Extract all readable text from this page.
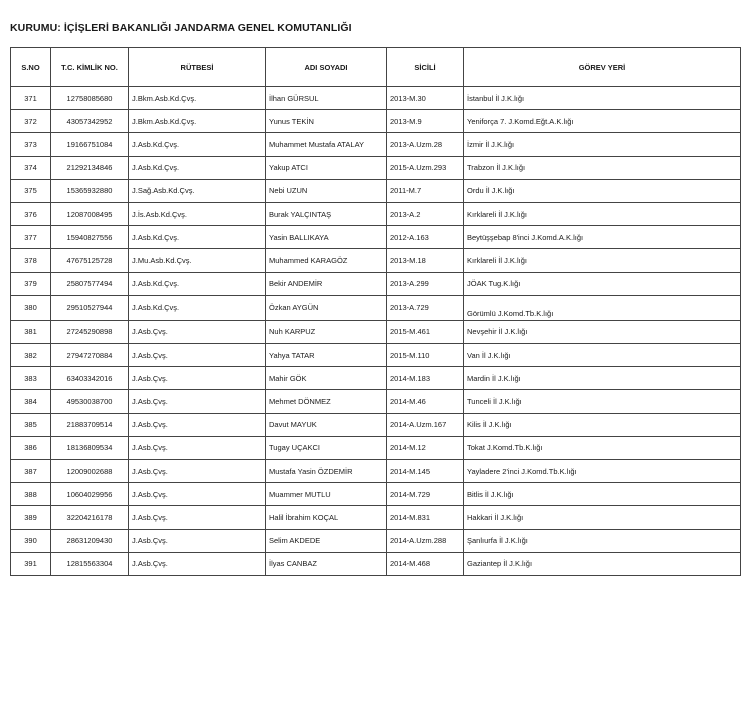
KURUMU: İÇİŞLERİ BAKANLIĞI JANDARMA GENEL KOMUTANLIĞI
S.NO	T.C. KİMLİK NO.	RÜTBESİ	ADI SOYADI	SİCİLİ	GÖREV YERİ
371	12758085680	J.Bkm.Asb.Kd.Çvş.	İlhan GÜRSUL	2013-M.30	İstanbul İl J.K.lığı
372	43057342952	J.Bkm.Asb.Kd.Çvş.	Yunus TEKİN	2013-M.9	Yeniforça 7. J.Komd.Eğt.A.K.lığı
373	19166751084	J.Asb.Kd.Çvş.	Muhammet Mustafa ATALAY	2013-A.Uzm.28	İzmir İl J.K.lığı
374	21292134846	J.Asb.Kd.Çvş.	Yakup ATCI	2015-A.Uzm.293	Trabzon İl J.K.lığı
375	15365932880	J.Sağ.Asb.Kd.Çvş.	Nebi UZUN	2011-M.7	Ordu İl J.K.lığı
376	12087008495	J.İs.Asb.Kd.Çvş.	Burak YALÇINTAŞ	2013-A.2	Kırklareli İl J.K.lığı
377	15940827556	J.Asb.Kd.Çvş.	Yasin BALLIKAYA	2012-A.163	Beytüşşebap 8'inci J.Komd.A.K.lığı
378	47675125728	J.Mu.Asb.Kd.Çvş.	Muhammed KARAGÖZ	2013-M.18	Kırklareli İl J.K.lığı
379	25807577494	J.Asb.Kd.Çvş.	Bekir ANDEMİR	2013-A.299	JÖAK Tug.K.lığı
380	29510527944	J.Asb.Kd.Çvş.	Özkan AYGÜN	2013-A.729	Görümlü J.Komd.Tb.K.lığı
381	27245290898	J.Asb.Çvş.	Nuh KARPUZ	2015-M.461	Nevşehir İl J.K.lığı
382	27947270884	J.Asb.Çvş.	Yahya TATAR	2015-M.110	Van İl J.K.lığı
383	63403342016	J.Asb.Çvş.	Mahir GÖK	2014-M.183	Mardin İl J.K.lığı
384	49530038700	J.Asb.Çvş.	Mehmet DÖNMEZ	2014-M.46	Tunceli İl J.K.lığı
385	21883709514	J.Asb.Çvş.	Davut MAYUK	2014-A.Uzm.167	Kilis İl J.K.lığı
386	18136809534	J.Asb.Çvş.	Tugay UÇAKCI	2014-M.12	Tokat J.Komd.Tb.K.lığı
387	12009002688	J.Asb.Çvş.	Mustafa Yasin ÖZDEMİR	2014-M.145	Yayladere 2'inci J.Komd.Tb.K.lığı
388	10604029956	J.Asb.Çvş.	Muammer MUTLU	2014-M.729	Bitlis İl J.K.lığı
389	32204216178	J.Asb.Çvş.	Halil İbrahim KOÇAL	2014-M.831	Hakkari İl J.K.lığı
390	28631209430	J.Asb.Çvş.	Selim AKDEDE	2014-A.Uzm.288	Şanlıurfa İl J.K.lığı
391	12815563304	J.Asb.Çvş.	İlyas CANBAZ	2014-M.468	Gaziantep İl J.K.lığı
